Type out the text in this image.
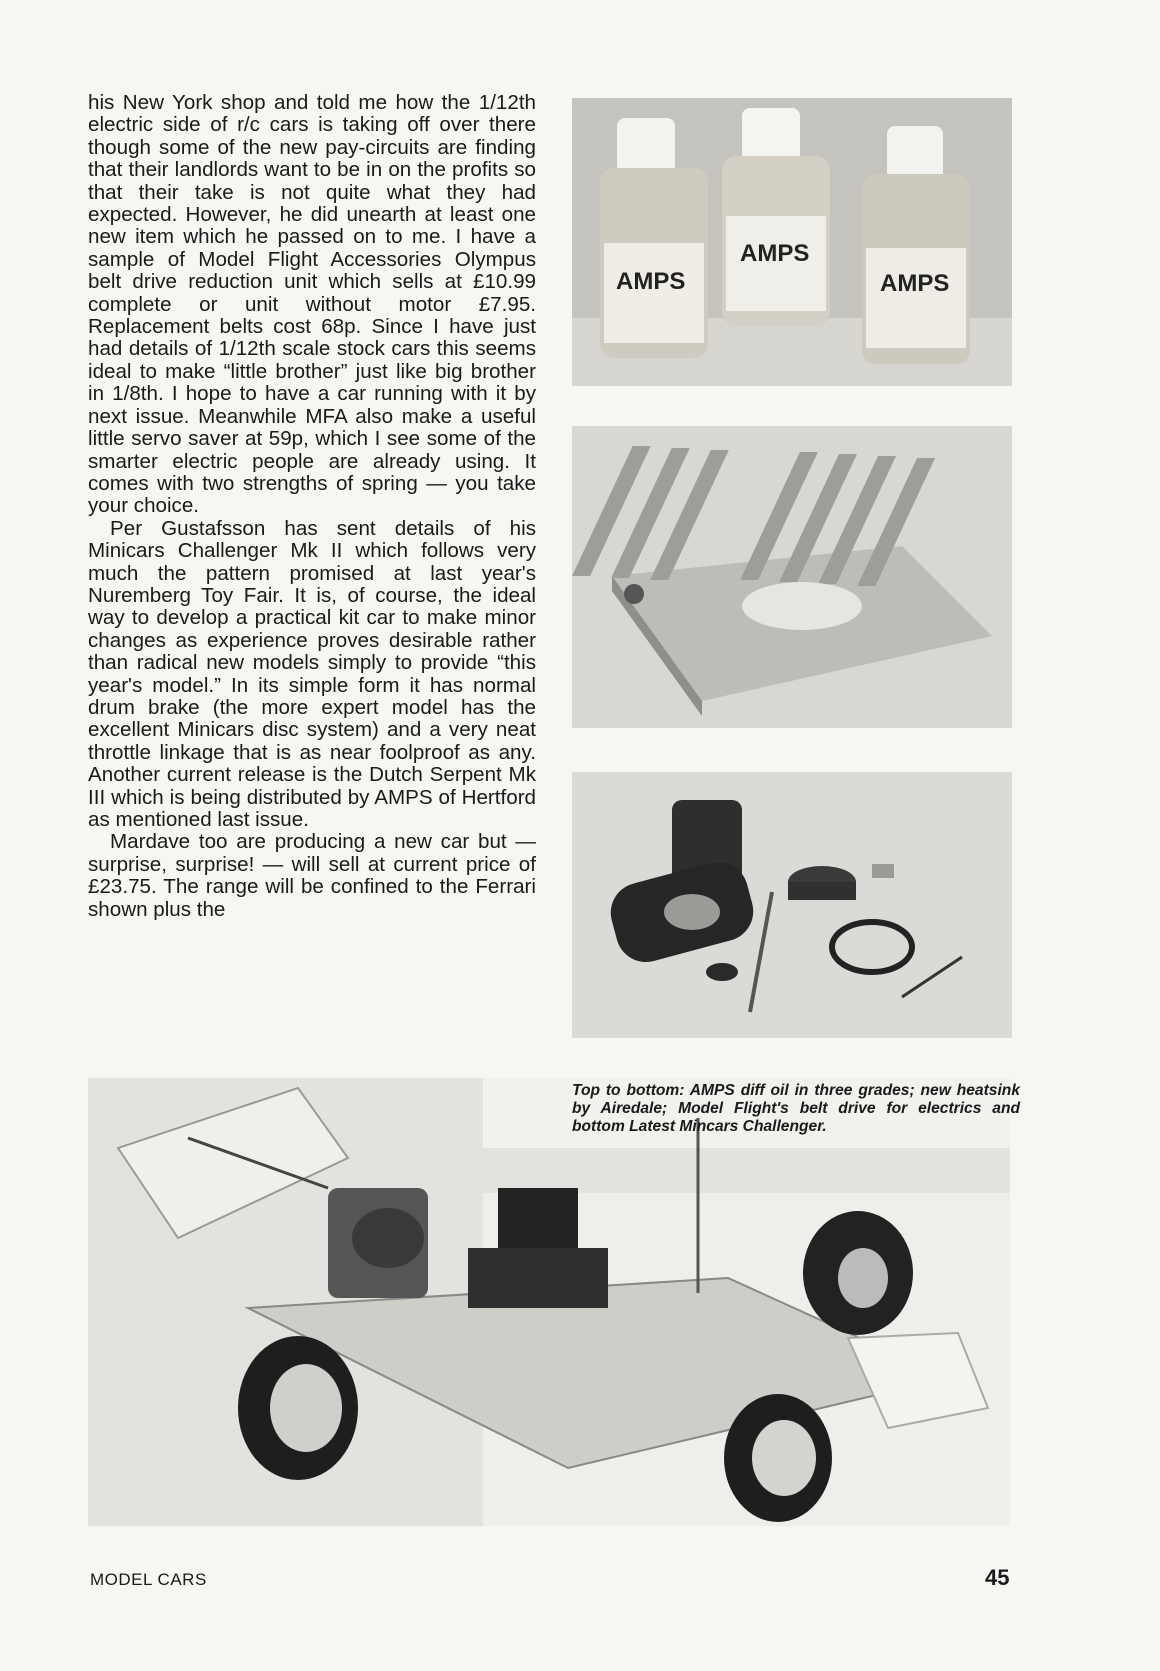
his New York shop and told me how the 1/12th electric side of r/c cars is taking off over there though some of the new pay-circuits are finding that their landlords want to be in on the profits so that their take is not quite what they had expected. However, he did unearth at least one new item which he passed on to me. I have a sample of Model Flight Accessories Olympus belt drive reduction unit which sells at £10.99 complete or unit without motor £7.95. Replacement belts cost 68p. Since I have just had details of 1/12th scale stock cars this seems ideal to make “little brother” just like big brother in 1/8th. I hope to have a car running with it by next issue. Meanwhile MFA also make a useful little servo saver at 59p, which I see some of the smarter electric people are already using. It comes with two strengths of spring — you take your choice.

Per Gustafsson has sent details of his Minicars Challenger Mk II which follows very much the pattern promised at last year's Nuremberg Toy Fair. It is, of course, the ideal way to develop a practical kit car to make minor changes as experience proves desirable rather than radical new models simply to provide “this year's model.” In its simple form it has normal drum brake (the more expert model has the excellent Minicars disc system) and a very neat throttle linkage that is as near foolproof as any. Another current release is the Dutch Serpent Mk III which is being distributed by AMPS of Hertford as mentioned last issue.

Mardave too are producing a new car but — surprise, surprise! — will sell at current price of £23.75. The range will be confined to the Ferrari shown plus the

AMPS
AMPS
AMPS

Top to bottom: AMPS diff oil in three grades; new heatsink by Airedale; Model Flight's belt drive for electrics and bottom Latest Mincars Challenger.

MODEL CARS	45
